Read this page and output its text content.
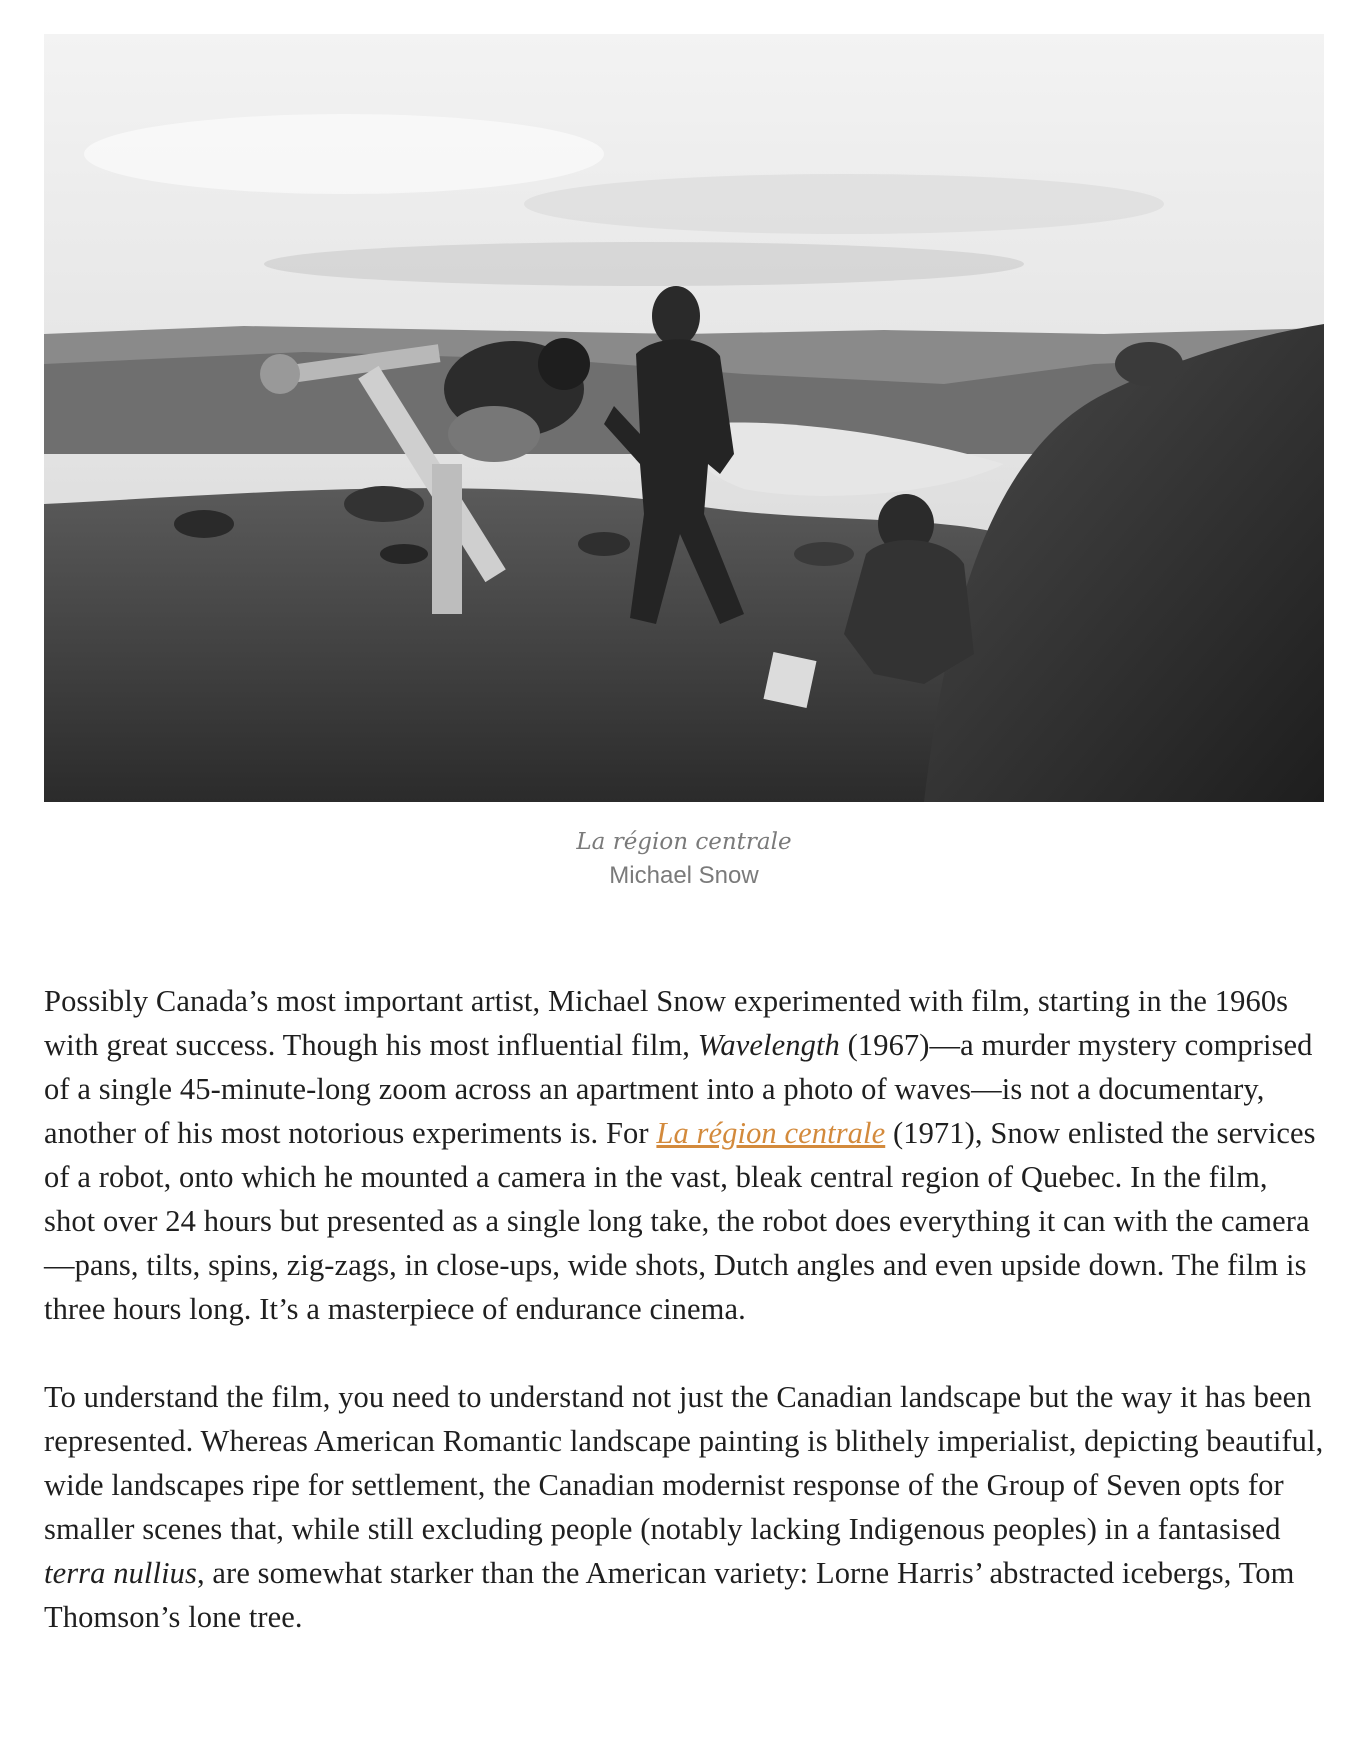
La région centrale
Michael Snow

Possibly Canada’s most important artist, Michael Snow experimented with film, starting in the 1960s with great success. Though his most influential film, Wavelength (1967)—a murder mystery comprised of a single 45-minute-long zoom across an apartment into a photo of waves—is not a documentary, another of his most notorious experiments is. For La région centrale (1971), Snow enlisted the services of a robot, onto which he mounted a camera in the vast, bleak central region of Quebec. In the film, shot over 24 hours but presented as a single long take, the robot does everything it can with the camera—pans, tilts, spins, zig-zags, in close-ups, wide shots, Dutch angles and even upside down. The film is three hours long. It’s a masterpiece of endurance cinema.

To understand the film, you need to understand not just the Canadian landscape but the way it has been represented. Whereas American Romantic landscape painting is blithely imperialist, depicting beautiful, wide landscapes ripe for settlement, the Canadian modernist response of the Group of Seven opts for smaller scenes that, while still excluding people (notably lacking Indigenous peoples) in a fantasised terra nullius, are somewhat starker than the American variety: Lorne Harris’ abstracted icebergs, Tom Thomson’s lone tree.
